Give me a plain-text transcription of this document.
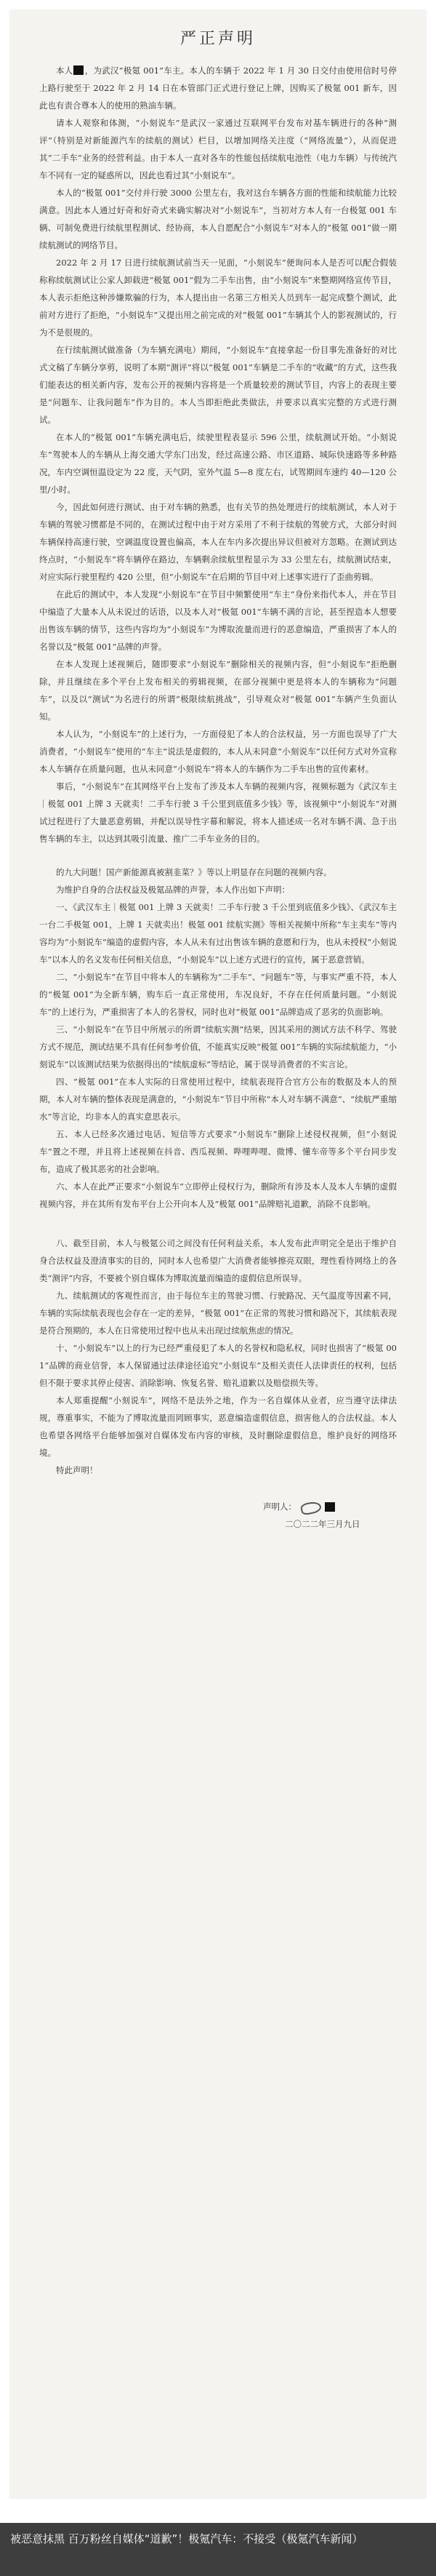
严正声明

本人 ，为武汉“极氪 001”车主。本人的车辆于 2022 年 1 月 30 日交付由使用信时号停上路行驶至于 2022 年 2 月 14 日在本管部门正式进行登记上牌，因购买了极氪 001 新车，因此也有责合尊本人的使用的熟油车辆。

请本人观察和体测，“小刻说车”是武汉一家通过互联网平台发布对基车辆进行的各种“测评”（特别是对新能源汽车的续航的测试）栏目，以增加网络关注度（“网络流量”），从而促进其“二手车”业务的经营利益。由于本人一直对各车的性能包括续航电池性（电力车辆）与传统汽车不同有一定的疑惑所以，因此也看过其“小刻说车”。

本人的“极氪 001”交付并行驶 3000 公里左右，我对这台车辆各方面的性能和续航能力比较满意。因此本人通过好奇和好奇式来确实解决对“小刻说车”，当初对方本人有一台极氪 001 车辆、可制免费进行续航里程测试、经协商，本人自愿配合“小刻说车”对本人的“极氪 001”做一期续航测试的网络节目。

2022 年 2 月 17 日进行续航测试前当天一见面，“小刻说车”便询问本人是否可以配合假装称称续航测试让公家人卸载进“极氪 001”假为二手车出售，由“小刻说车”来整期网络宣传节目，本人表示拒绝这种涉嫌欺骗的行为，本人提出由一名第三方相关人员到车一起完成整个测试，此前对方进行了拒绝，“小刻说车”又提出用之前完成的对“极氪 001”车辆其个人的影视测试的，行为不是很规的。

在行续航测试做准备（为车辆充满电）期间，“小刻说车”直接拿起一份目事先准备好的对比式文稿了车辆分享剪，说明了本期“测评”将以“极氪 001”车辆是二手车的“收藏”的方式，这些我们能表达的相关新内容，发布公开的视频内容将是一个质量较差的测试节目，内容上的表现主要是“问题车、让我问题车”作为目的。本人当即拒绝此类做法，并要求以真实完整的方式进行测试。

在本人的“极氪 001”车辆充满电后，续驶里程表显示 596 公里，续航测试开始。“小刻说车”驾驶本人的车辆从上海交通大学东门出发，经过高速公路、市区道路、城际快速路等多种路况，车内空调恒温设定为 22 度，天气阴，室外气温 5—8 度左右，试驾期间车速约 40—120 公里/小时。

今，因此如何进行测试、由于对车辆的熟悉，也有关节的热处理进行的续航测试，本人对于车辆的驾驶习惯都是不同的，在测试过程中由于对方采用了不利于续航的驾驶方式，大部分时间车辆保持高速行驶，空调温度设置也偏高，本人在车内多次提出异议但被对方忽略。在测试到达终点时，“小刻说车”将车辆停在路边，车辆剩余续航里程显示为 33 公里左右，续航测试结束，对应实际行驶里程约 420 公里，但“小刻说车”在后期的节目中对上述事实进行了歪曲剪辑。

在此后的测试中，本人发现“小刻说车”在节目中频繁使用“车主”身份来指代本人，并在节目中编造了大量本人从未说过的话语，以及本人对“极氪 001”车辆不满的言论，甚至捏造本人想要出售该车辆的情节，这些内容均为“小刻说车”为博取流量而进行的恶意编造，严重损害了本人的名誉以及“极氪 001”品牌的声誉。

在本人发现上述视频后，随即要求“小刻说车”删除相关的视频内容，但“小刻说车”拒绝删除，并且继续在多个平台上发布相关的剪辑视频，在部分视频中更是将本人的车辆称为“问题车”，以及以“测试”为名进行的所谓“极限续航挑战”，引导观众对“极氪 001”车辆产生负面认知。

本人认为，“小刻说车”的上述行为，一方面侵犯了本人的合法权益，另一方面也误导了广大消费者，“小刻说车”使用的“车主”说法是虚假的，本人从未同意“小刻说车”以任何方式对外宣称本人车辆存在质量问题，也从未同意“小刻说车”将本人的车辆作为二手车出售的宣传素材。

事后，“小刻说车”在其网络平台上发布了涉及本人车辆的视频内容，视频标题为《武汉车主｜极氪 001 上牌 3 天就卖！二手车行驶 3 千公里到底值多少钱》等，该视频中“小刻说车”对测试过程进行了大量恶意剪辑，并配以误导性字幕和解说，将本人描述成一名对车辆不满、急于出售车辆的车主，以达到其吸引流量、推广二手车业务的目的。

的九大问题！国产新能源真被割韭菜？》等以上明显存在问题的视频内容。

为维护自身的合法权益及极氪品牌的声誉，本人作出如下声明：

一、《武汉车主｜极氪 001 上牌 3 天就卖！二手车行驶 3 千公里到底值多少钱》、《武汉车主一台二手极氪 001，上牌 1 天就卖出！极氪 001 续航实测》等相关视频中所称“车主卖车”等内容均为“小刻说车”编造的虚假内容，本人从未有过出售该车辆的意愿和行为，也从未授权“小刻说车”以本人的名义发布任何相关信息，“小刻说车”以上述方式进行的宣传，属于恶意营销。

二、“小刻说车”在节目中将本人的车辆称为“二手车”、“问题车”等，与事实严重不符，本人的“极氪 001”为全新车辆，购车后一直正常使用，车况良好，不存在任何质量问题。“小刻说车”的上述行为，严重损害了本人的名誉权，同时也对“极氪 001”品牌造成了恶劣的负面影响。

三、“小刻说车”在节目中所展示的所谓“续航实测”结果，因其采用的测试方法不科学、驾驶方式不规范，测试结果不具有任何参考价值，不能真实反映“极氪 001”车辆的实际续航能力，“小刻说车”以该测试结果为依据得出的“续航虚标”等结论，属于误导消费者的不实言论。

四、“极氪 001”在本人实际的日常使用过程中，续航表现符合官方公布的数据及本人的预期，本人对车辆的整体表现是满意的，“小刻说车”节目中所称“本人对车辆不满意”、“续航严重缩水”等言论，均非本人的真实意思表示。

五、本人已经多次通过电话、短信等方式要求“小刻说车”删除上述侵权视频，但“小刻说车”置之不理，并且将上述视频在抖音、西瓜视频、哔哩哔哩、微博、懂车帝等多个平台同步发布，造成了极其恶劣的社会影响。

六、本人在此严正要求“小刻说车”立即停止侵权行为，删除所有涉及本人及本人车辆的虚假视频内容，并在其所有发布平台上公开向本人及“极氪 001”品牌赔礼道歉，消除不良影响。

八、截至目前，本人与极氪公司之间没有任何利益关系，本人发布此声明完全是出于维护自身合法权益及澄清事实的目的，同时本人也希望广大消费者能够擦亮双眼，理性看待网络上的各类“测评”内容，不要被个别自媒体为博取流量而编造的虚假信息所误导。

九、续航测试的客观性而言，由于每位车主的驾驶习惯、行驶路况、天气温度等因素不同，车辆的实际续航表现也会存在一定的差异，“极氪 001”在正常的驾驶习惯和路况下，其续航表现是符合预期的，本人在日常使用过程中也从未出现过续航焦虑的情况。

十、“小刻说车”以上的行为已经严重侵犯了本人的名誉权和隐私权，同时也损害了“极氪 001”品牌的商业信誉，本人保留通过法律途径追究“小刻说车”及相关责任人法律责任的权利，包括但不限于要求其停止侵害、消除影响、恢复名誉、赔礼道歉以及赔偿损失等。

本人郑重提醒“小刻说车”，网络不是法外之地，作为一名自媒体从业者，应当遵守法律法规，尊重事实，不能为了博取流量而罔顾事实，恶意编造虚假信息，损害他人的合法权益。本人也希望各网络平台能够加强对自媒体发布内容的审核，及时删除虚假信息，维护良好的网络环境。

特此声明！

声明人：
二〇二二年三月九日
被恶意抹黑 百万粉丝自媒体“道歉”！极氪汽车：不接受（极氪汽车新闻）
